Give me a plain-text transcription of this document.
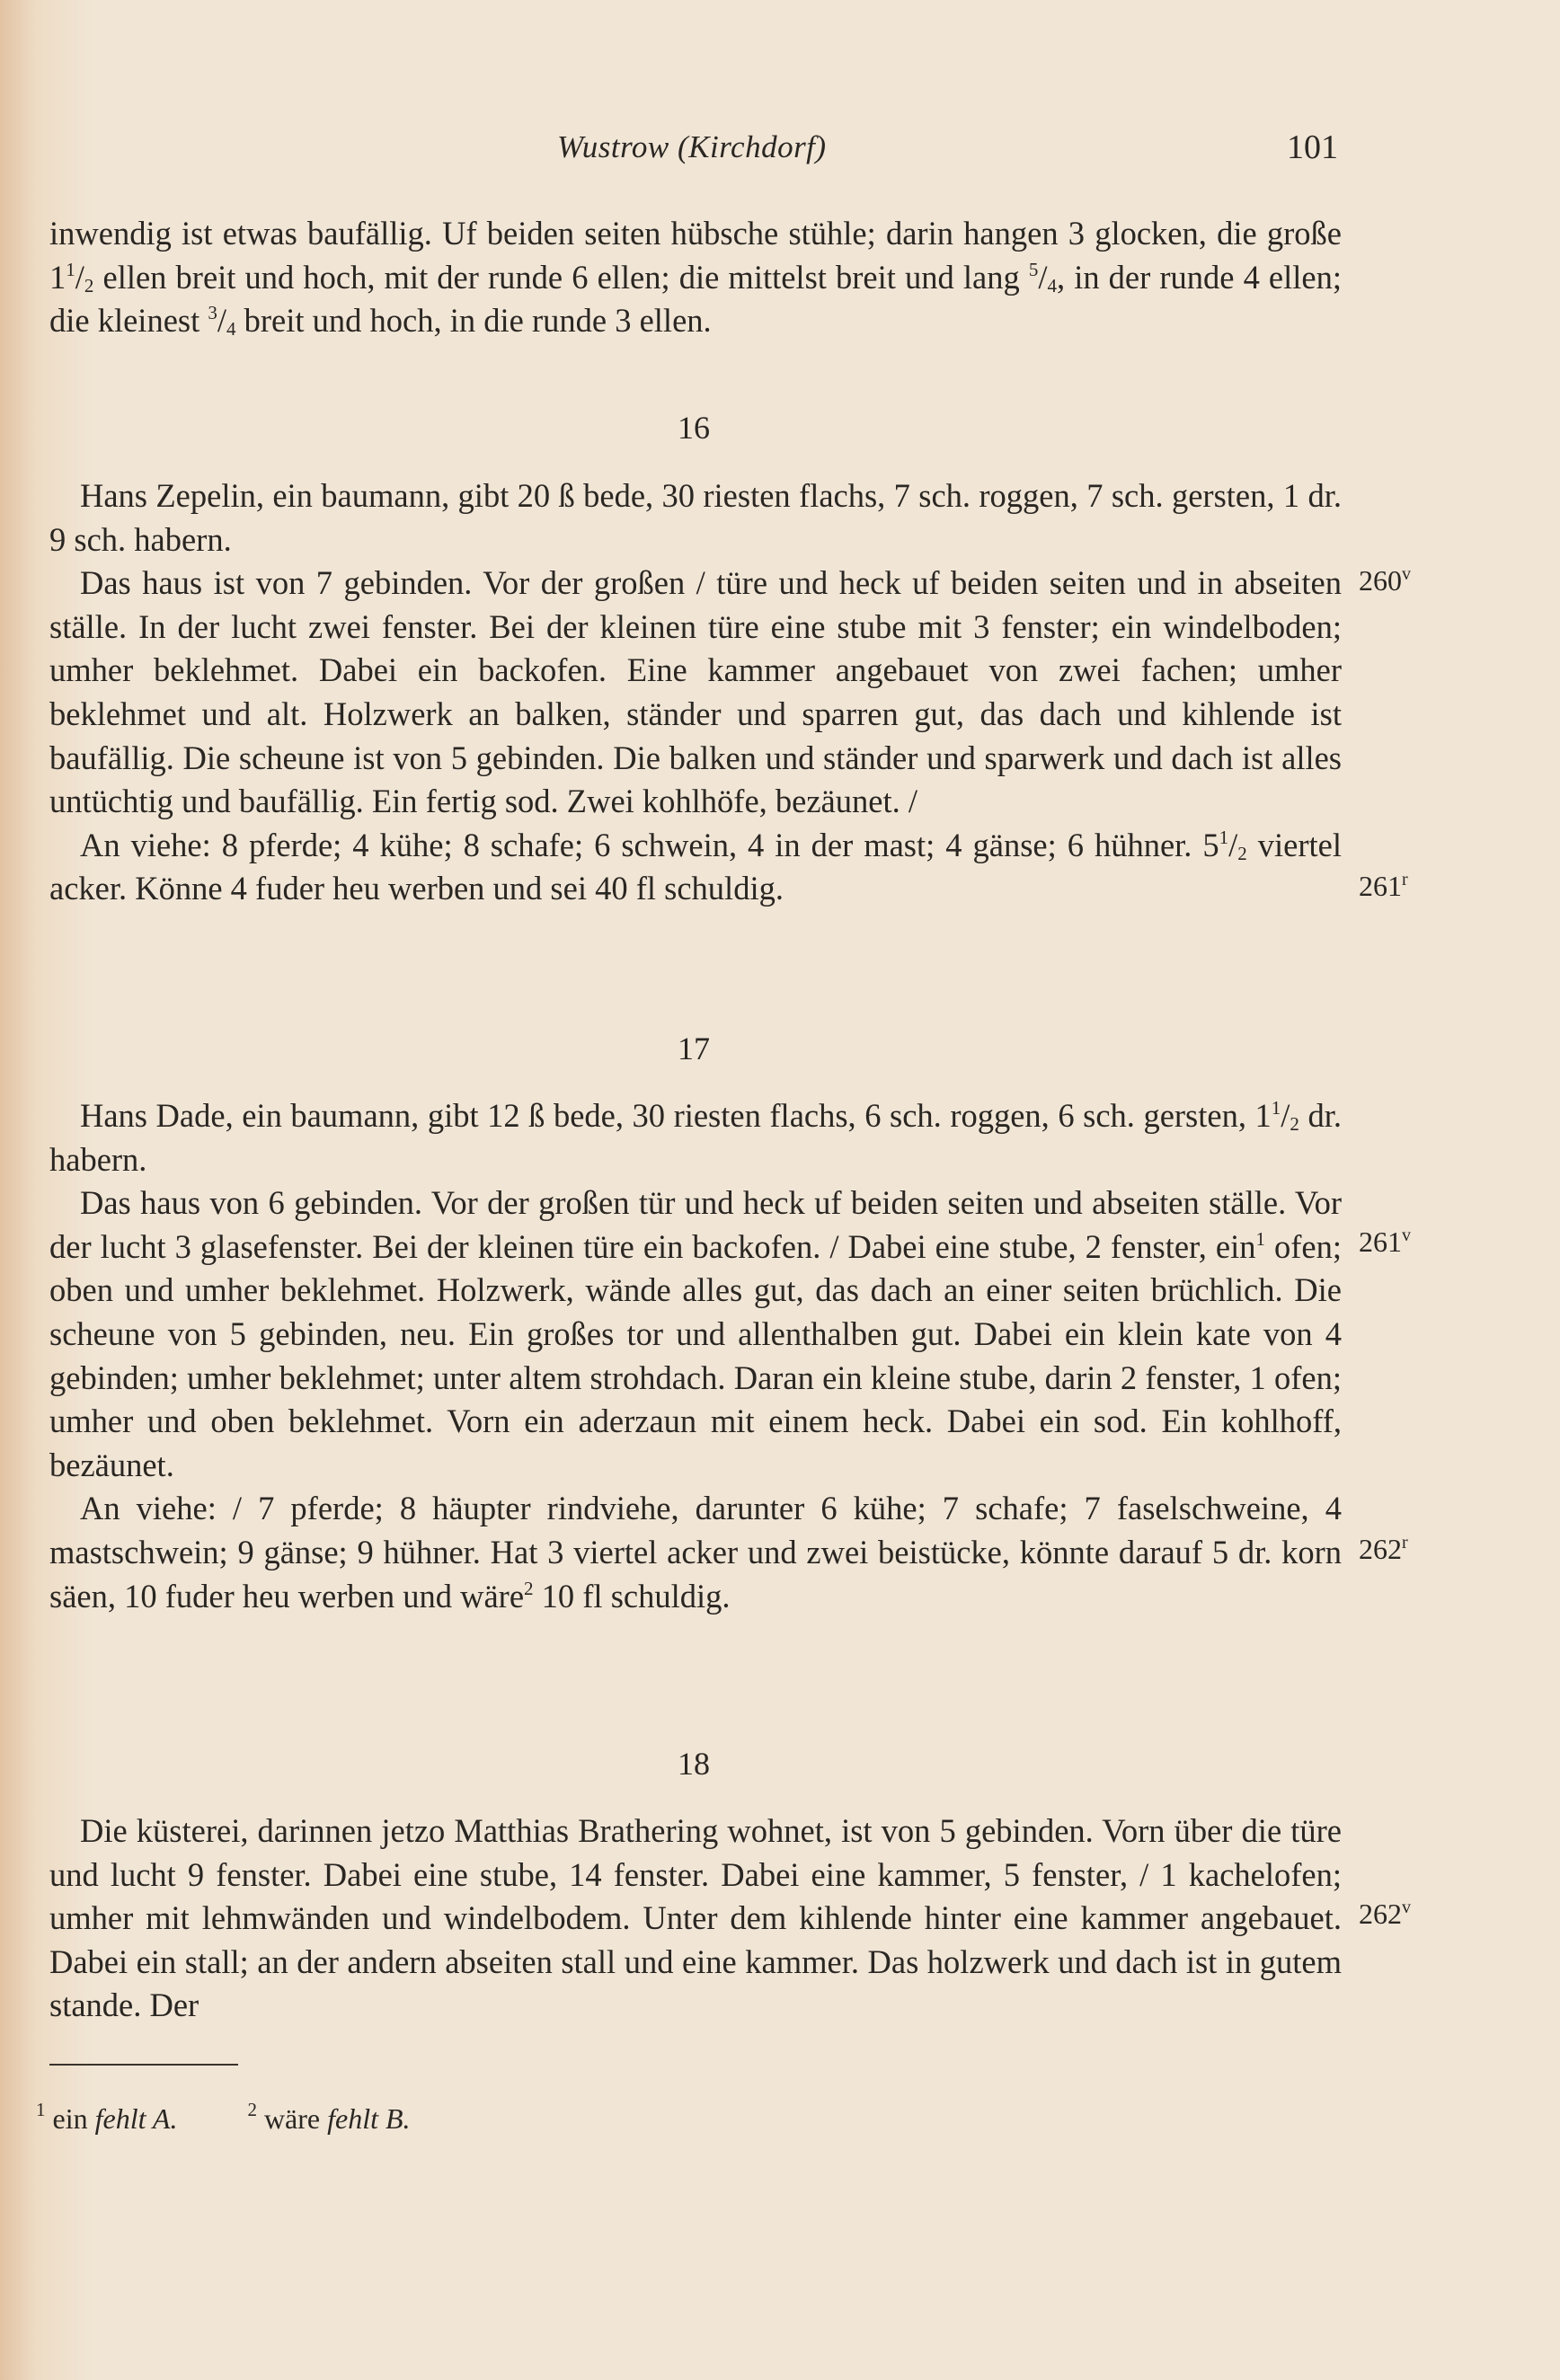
Wustrow (Kirchdorf)	101

inwendig ist etwas baufällig. Uf beiden seiten hübsche stühle; darin hangen 3 glocken, die große $1^1/_2$ ellen breit und hoch, mit der runde 6 ellen; die mittelst breit und lang $^5/_4$, in der runde 4 ellen; die kleinest $^3/_4$ breit und hoch, in die runde 3 ellen.

16

Hans Zepelin, ein baumann, gibt 20 ß bede, 30 riesten flachs, 7 sch. roggen, 7 sch. gersten, 1 dr. 9 sch. habern.

Das haus ist von 7 gebinden. Vor der großen / türe und heck uf beiden seiten und in abseiten ställe. In der lucht zwei fenster. Bei der kleinen türe eine stube mit 3 fenster; ein windelboden; umher beklehmet. Dabei ein backofen. Eine kammer angebauet von zwei fachen; umher beklehmet und alt. Holzwerk an balken, ständer und sparren gut, das dach und kihlende ist baufällig. Die scheune ist von 5 gebinden. Die balken und ständer und sparwerk und dach ist alles untüchtig und baufällig. Ein fertig sod. Zwei kohlhöfe, bezäunet. /

An viehe: 8 pferde; 4 kühe; 8 schafe; 6 schwein, 4 in der mast; 4 gänse; 6 hühner. $5^1/_2$ viertel acker. Könne 4 fuder heu werben und sei 40 fl schuldig.

260$^v$
261$^r$
17

Hans Dade, ein baumann, gibt 12 ß bede, 30 riesten flachs, 6 sch. roggen, 6 sch. gersten, $1^1/_2$ dr. habern.

Das haus von 6 gebinden. Vor der großen tür und heck uf beiden seiten und abseiten ställe. Vor der lucht 3 glasefenster. Bei der kleinen türe ein backofen. / Dabei eine stube, 2 fenster, ein$^1$ ofen; oben und umher beklehmet. Holzwerk, wände alles gut, das dach an einer seiten brüchlich. Die scheune von 5 gebinden, neu. Ein großes tor und allenthalben gut. Dabei ein klein kate von 4 gebinden; umher beklehmet; unter altem strohdach. Daran ein kleine stube, darin 2 fenster, 1 ofen; umher und oben beklehmet. Vorn ein aderzaun mit einem heck. Dabei ein sod. Ein kohlhoff, bezäunet.

An viehe: / 7 pferde; 8 häupter rindviehe, darunter 6 kühe; 7 schafe; 7 faselschweine, 4 mastschwein; 9 gänse; 9 hühner. Hat 3 viertel acker und zwei beistücke, könnte darauf 5 dr. korn säen, 10 fuder heu werben und wäre$^2$ 10 fl schuldig.

261$^v$
262$^r$
18

Die küsterei, darinnen jetzo Matthias Brathering wohnet, ist von 5 gebinden. Vorn über die türe und lucht 9 fenster. Dabei eine stube, 14 fenster. Dabei eine kammer, 5 fenster, / 1 kachelofen; umher mit lehmwänden und windelbodem. Unter dem kihlende hinter eine kammer angebauet. Dabei ein stall; an der andern abseiten stall und eine kammer. Das holzwerk und dach ist in gutem stande. Der

262$^v$
$^1$ ein fehlt A.	$^2$ wäre fehlt B.
